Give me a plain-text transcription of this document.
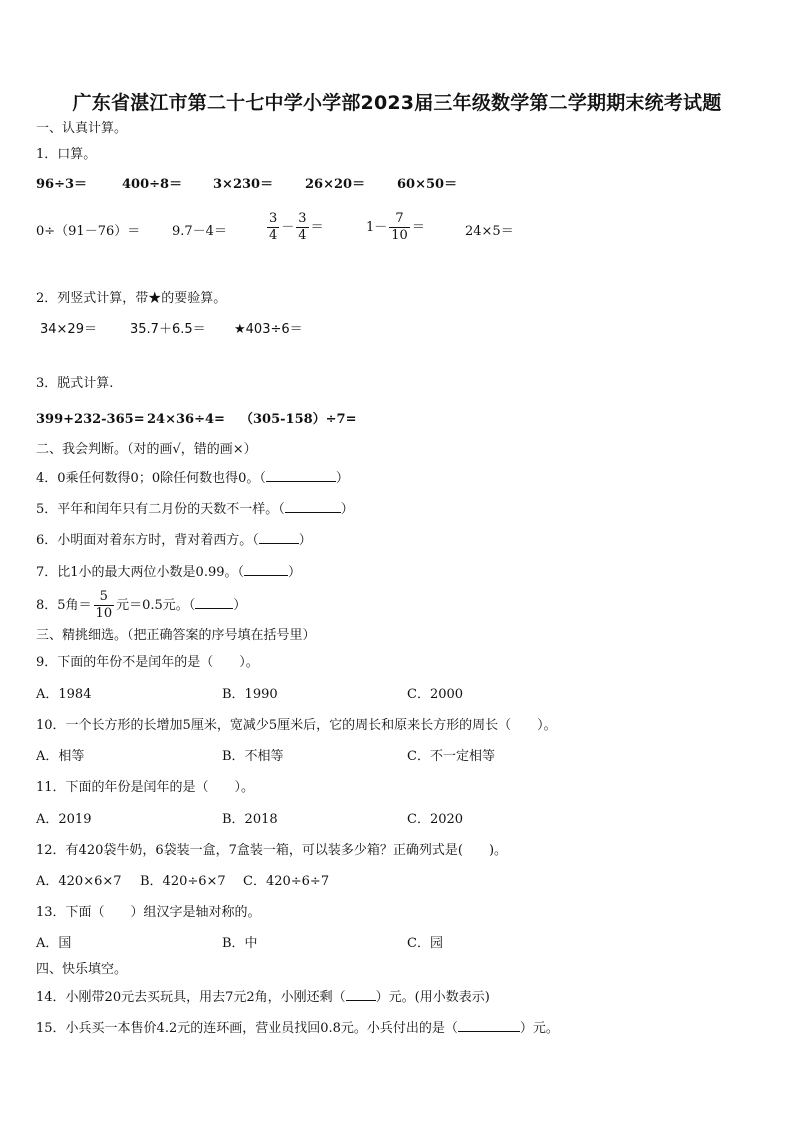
广东省湛江市第二十七中学小学部2023届三年级数学第二学期期末统考试题
一、认真计算。
1．口算。
96÷3＝	400÷8＝ 3×230＝ 26×20＝ 60×50＝
0÷（91－76）＝ 9.7－4＝	$\frac{3}{4} - \frac{3}{4}$ ＝	$1- \frac{7}{10}$ ＝	24×5＝
2．列竖式计算，带★的要验算。
34×29＝	35.7＋6.5＝ ★403÷6＝
3．脱式计算.
399+232-365= 24×36÷4= （305-158）÷7=
二、我会判断。（对的画√，错的画×）
4．0乘任何数得0；0除任何数也得0。（	）
5．平年和闰年只有二月份的天数不一样。（	）
6．小明面对着东方时，背对着西方。（	）
7．比1小的最大两位小数是0.99。（	）
8．5角＝ $\frac{5}{10}$ 元＝0.5元。（	）
三、精挑细选。（把正确答案的序号填在括号里）
9．下面的年份不是闰年的是（　　）。
A．1984	B．1990	C．2000
10．一个长方形的长增加5厘米，宽减少5厘米后，它的周长和原来长方形的周长（　　）。
A．相等	B．不相等	C．不一定相等
11．下面的年份是闰年的是（　　）。
A．2019	B．2018	C．2020
12．有420袋牛奶，6袋装一盒，7盒装一箱，可以装多少箱？正确列式是(　　)。
A．420×6×7 B．420÷6×7 C．420÷6÷7
13．下面（　　）组汉字是轴对称的。
A．国	B．中	C．园
四、快乐填空。
14．小刚带20元去买玩具，用去7元2角，小刚还剩（ ）元。(用小数表示)
15．小兵买一本售价4.2元的连环画，营业员找回0.8元。小兵付出的是（	）元。
